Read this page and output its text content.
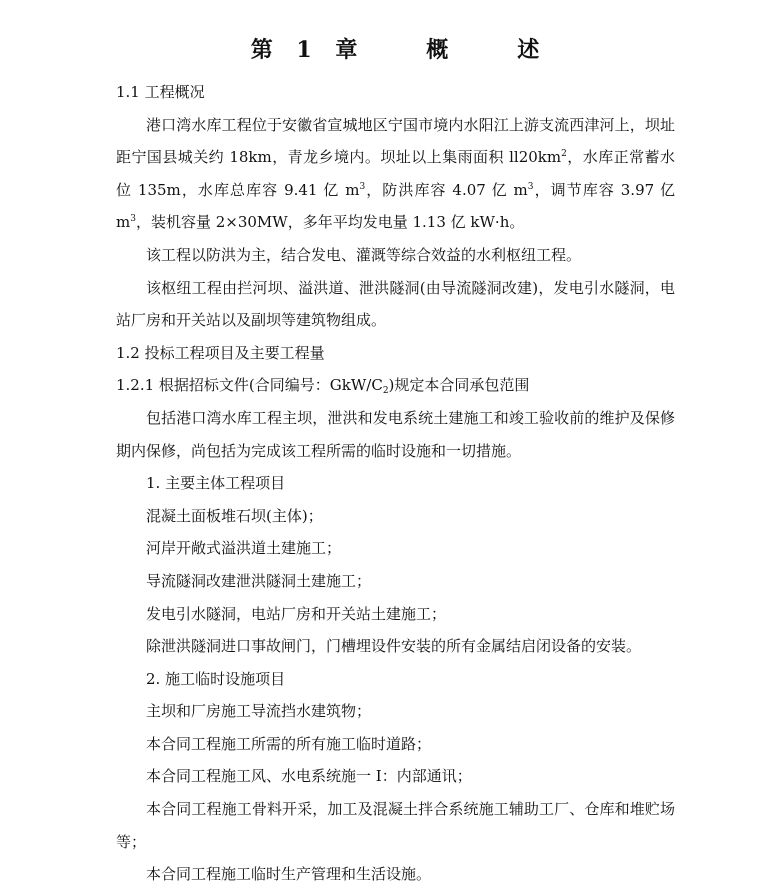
第 1 章   概   述

1.1 工程概况

港口湾水库工程位于安徽省宣城地区宁国市境内水阳江上游支流西津河上，坝址距宁国县城关约 18km，青龙乡境内。坝址以上集雨面积 $ll20km^2$，水库正常蓄水位 135m，水库总库容 9.41 亿 $m^3$，防洪库容 4.07 亿 $m^3$，调节库容 3.97 亿 $m^3$，装机容量 2×30MW，多年平均发电量 1.13 亿 kW·h。

该工程以防洪为主，结合发电、灌溉等综合效益的水利枢纽工程。

该枢纽工程由拦河坝、溢洪道、泄洪隧洞(由导流隧洞改建)，发电引水隧洞，电站厂房和开关站以及副坝等建筑物组成。

1.2 投标工程项目及主要工程量

1.2.1 根据招标文件(合同编号：GkW/$C_2$)规定本合同承包范围

包括港口湾水库工程主坝，泄洪和发电系统土建施工和竣工验收前的维护及保修期内保修，尚包括为完成该工程所需的临时设施和一切措施。

1. 主要主体工程项目

混凝土面板堆石坝(主体)；

河岸开敞式溢洪道土建施工；

导流隧洞改建泄洪隧洞土建施工；

发电引水隧洞，电站厂房和开关站土建施工；

除泄洪隧洞进口事故闸门，门槽埋设件安装的所有金属结启闭设备的安装。

2. 施工临时设施项目

主坝和厂房施工导流挡水建筑物；

本合同工程施工所需的所有施工临时道路；

本合同工程施工风、水电系统施一 I：内部通讯；

本合同工程施工骨料开采，加工及混凝土拌合系统施工辅助工厂、仓库和堆贮场等；

本合同工程施工临时生产管理和生活设施。
